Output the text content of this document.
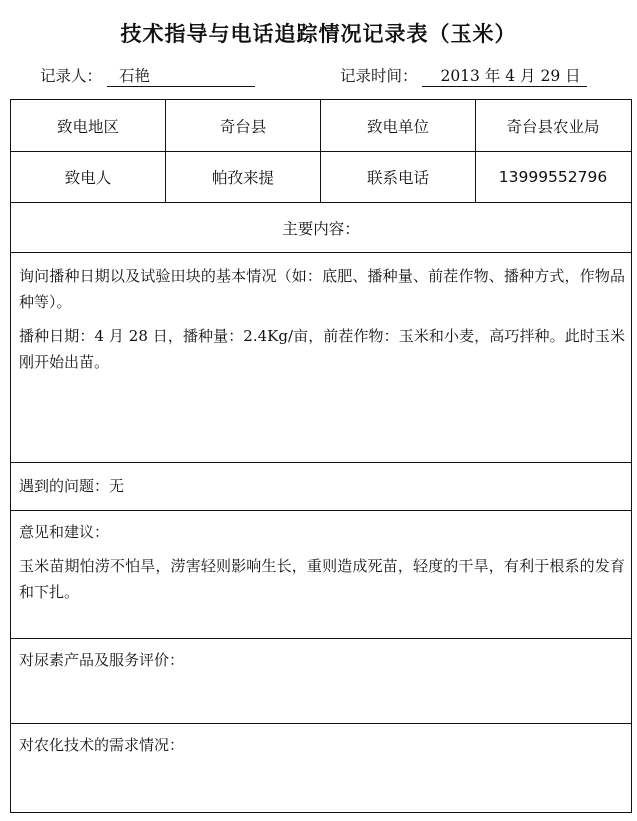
技术指导与电话追踪情况记录表（玉米）
记录人： 石艳	记录时间： 2013 年 4 月 29 日
致电地区	奇台县	致电单位	奇台县农业局
致电人	帕孜来提	联系电话	13999552796
主要内容：

询问播种日期以及试验田块的基本情况（如：底肥、播种量、前茬作物、播种方式，作物品种等）。

播种日期：4 月 28 日，播种量：2.4Kg/亩，前茬作物：玉米和小麦，高巧拌种。此时玉米刚开始出苗。

遇到的问题：无
意见和建议：
玉米苗期怕涝不怕旱，涝害轻则影响生长，重则造成死苗，轻度的干旱，有利于根系的发育和下扎。
对尿素产品及服务评价：
对农化技术的需求情况：
